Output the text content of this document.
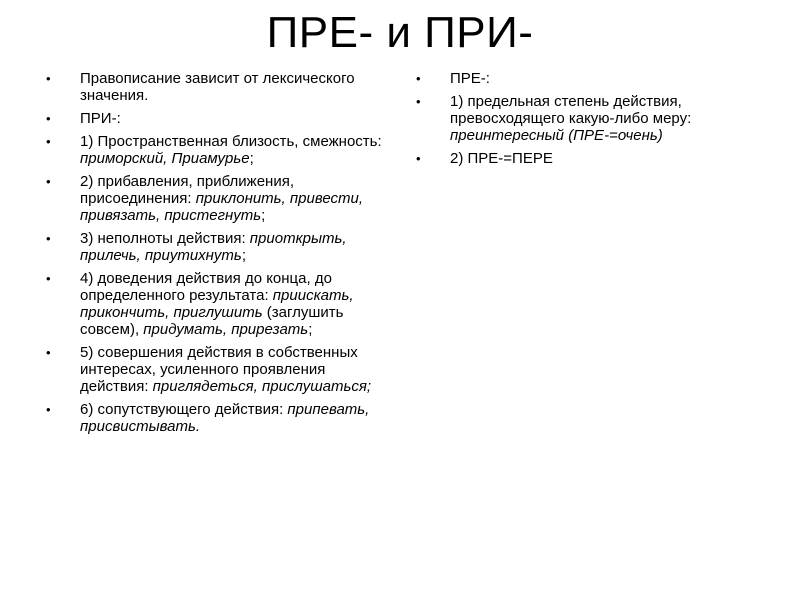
ПРЕ- и ПРИ-
•	Правописание зависит от лексического значения.
•	ПРИ-:
•	1) Пространственная близость, смежность: приморский, Приамурье;
•	2) прибавления, приближения, присоединения: приклонить, привести, привязать, пристегнуть;
•	3) неполноты действия: приоткрыть, прилечь, приутихнуть;
•	4) доведения действия до конца, до определенного результата: приискать, прикончить, приглушить (заглушить совсем), придумать, прирезать;
•	5) совершения действия в собственных интересах, усиленного проявления действия: приглядеться, прислушаться;
•	6) сопутствующего действия: припевать, присвистывать.
•	ПРЕ-:
•	1) предельная степень действия, превосходящего какую-либо меру: преинтересный (ПРЕ-=очень)
•	2) ПРЕ-=ПЕРЕ
